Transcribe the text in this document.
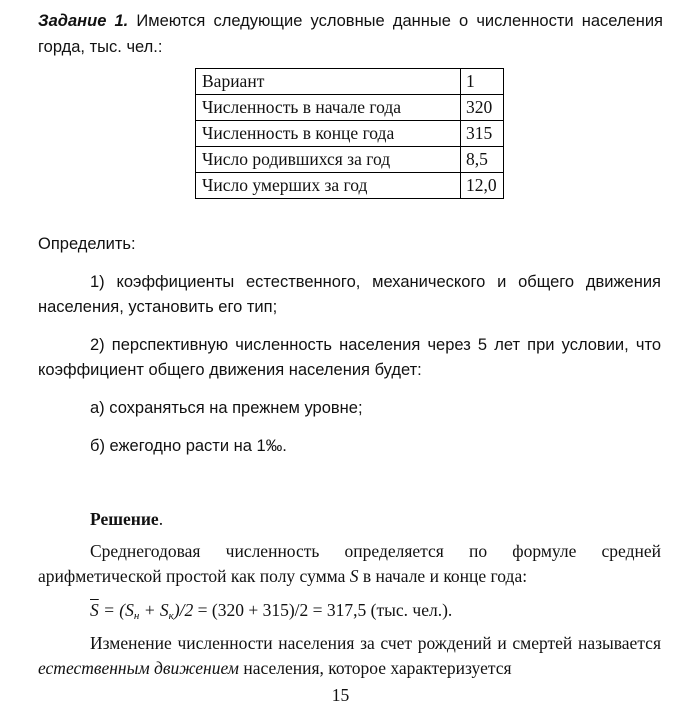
Задание 1. Имеются следующие условные данные о численности населения горда, тыс. чел.:
Вариант	1
Численность в начале года	320
Численность в конце года	315
Число родившихся за год	8,5
Число умерших за год	12,0
Определить:
1) коэффициенты естественного, механического и общего движения населения, установить его тип;
2) перспективную численность населения через 5 лет при условии, что коэффициент общего движения населения будет:
а) сохраняться на прежнем уровне;
б) ежегодно расти на 1‰.
Решение.
Среднегодовая численность определяется по формуле средней арифметической простой как полу сумма S в начале и конце года:
$\overline{S} = (S_н + S_к)/2 = (320 + 315)/2 = 317,5$ (тыс. чел.).
Изменение численности населения за счет рождений и смертей называется естественным движением населения, которое характеризуется
15
